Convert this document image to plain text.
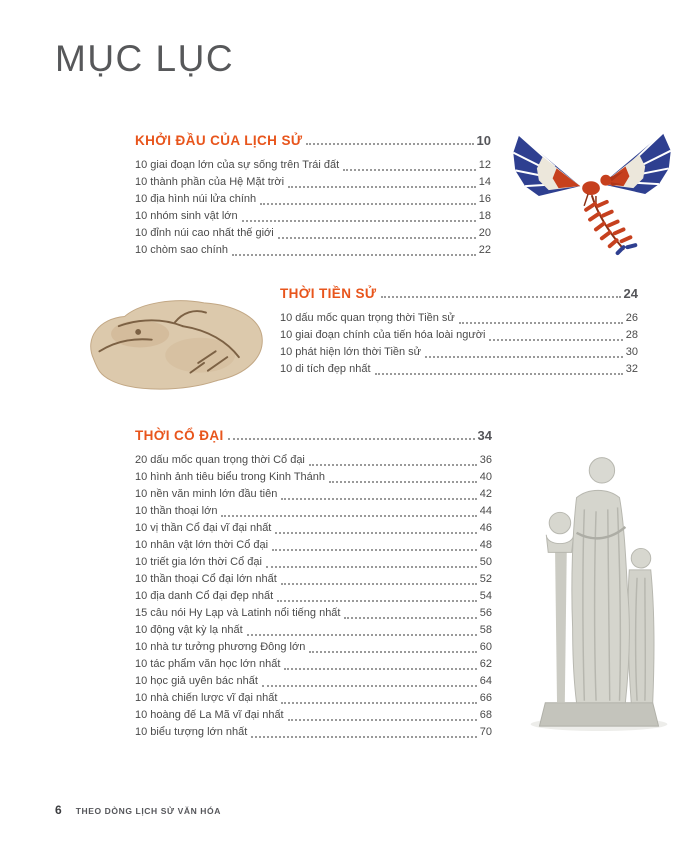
MỤC LỤC
KHỞI ĐẦU CỦA LỊCH SỬ	10
10 giai đoạn lớn của sự sống trên Trái đất	12
10 thành phần của Hệ Mặt trời	14
10 địa hình núi lửa chính	16
10 nhóm sinh vật lớn	18
10 đỉnh núi cao nhất thế giới	20
10 chòm sao chính	22
THỜI TIỀN SỬ	24
10 dấu mốc quan trọng thời Tiền sử	26
10 giai đoạn chính của tiến hóa loài người	28
10 phát hiện lớn thời Tiền sử	30
10 di tích đẹp nhất	32
THỜI CỔ ĐẠI	34
20 dấu mốc quan trọng thời Cổ đại	36
10 hình ảnh tiêu biểu trong Kinh Thánh	40
10 nền văn minh lớn đầu tiên	42
10 thần thoại lớn	44
10 vị thần Cổ đại vĩ đại nhất	46
10 nhân vật lớn thời Cổ đại	48
10 triết gia lớn thời Cổ đại	50
10 thần thoại Cổ đại lớn nhất	52
10 địa danh Cổ đại đẹp nhất	54
15 câu nói Hy Lạp và Latinh nổi tiếng nhất	56
10 động vật kỳ lạ nhất	58
10 nhà tư tưởng phương Đông lớn	60
10 tác phẩm văn học lớn nhất	62
10 học giả uyên bác nhất	64
10 nhà chiến lược vĩ đại nhất	66
10 hoàng đế La Mã vĩ đại nhất	68
10 biểu tượng lớn nhất	70
6 THEO DÒNG LỊCH SỬ VĂN HÓA
